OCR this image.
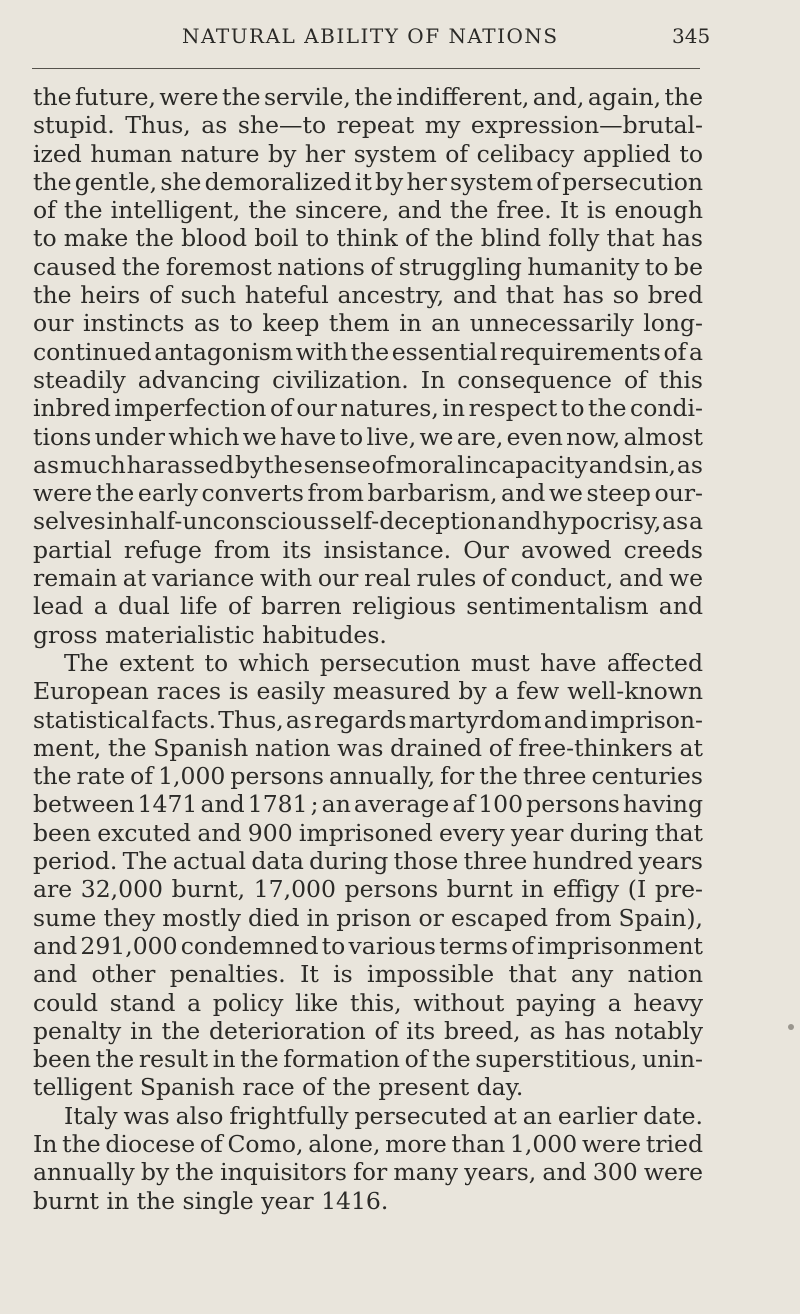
NATURAL ABILITY OF NATIONS	345
the future, were the servile, the indifferent, and, again, the
stupid. Thus, as she—to repeat my expression—brutal-
ized human nature by her system of celibacy applied to
the gentle, she demoralized it by her system of persecution
of the intelligent, the sincere, and the free. It is enough
to make the blood boil to think of the blind folly that has
caused the foremost nations of struggling humanity to be
the heirs of such hateful ancestry, and that has so bred
our instincts as to keep them in an unnecessarily long-
continued antagonism with the essential requirements of a
steadily advancing civilization. In consequence of this
inbred imperfection of our natures, in respect to the condi-
tions under which we have to live, we are, even now, almost
as much harassed by the sense of moral incapacity and sin, as
were the early converts from barbarism, and we steep our-
selves in half-unconscious self-deception and hypocrisy, as a
partial refuge from its insistance. Our avowed creeds
remain at variance with our real rules of conduct, and we
lead a dual life of barren religious sentimentalism and
gross materialistic habitudes.
The extent to which persecution must have affected
European races is easily measured by a few well-known
statistical facts. Thus, as regards martyrdom and imprison-
ment, the Spanish nation was drained of free-thinkers at
the rate of 1,000 persons annually, for the three centuries
between 1471 and 1781 ; an average af 100 persons having
been excuted and 900 imprisoned every year during that
period. The actual data during those three hundred years
are 32,000 burnt, 17,000 persons burnt in effigy (I pre-
sume they mostly died in prison or escaped from Spain),
and 291,000 condemned to various terms of imprisonment
and other penalties. It is impossible that any nation
could stand a policy like this, without paying a heavy
penalty in the deterioration of its breed, as has notably
been the result in the formation of the superstitious, unin-
telligent Spanish race of the present day.
Italy was also frightfully persecuted at an earlier date.
In the diocese of Como, alone, more than 1,000 were tried
annually by the inquisitors for many years, and 300 were
burnt in the single year 1416.
